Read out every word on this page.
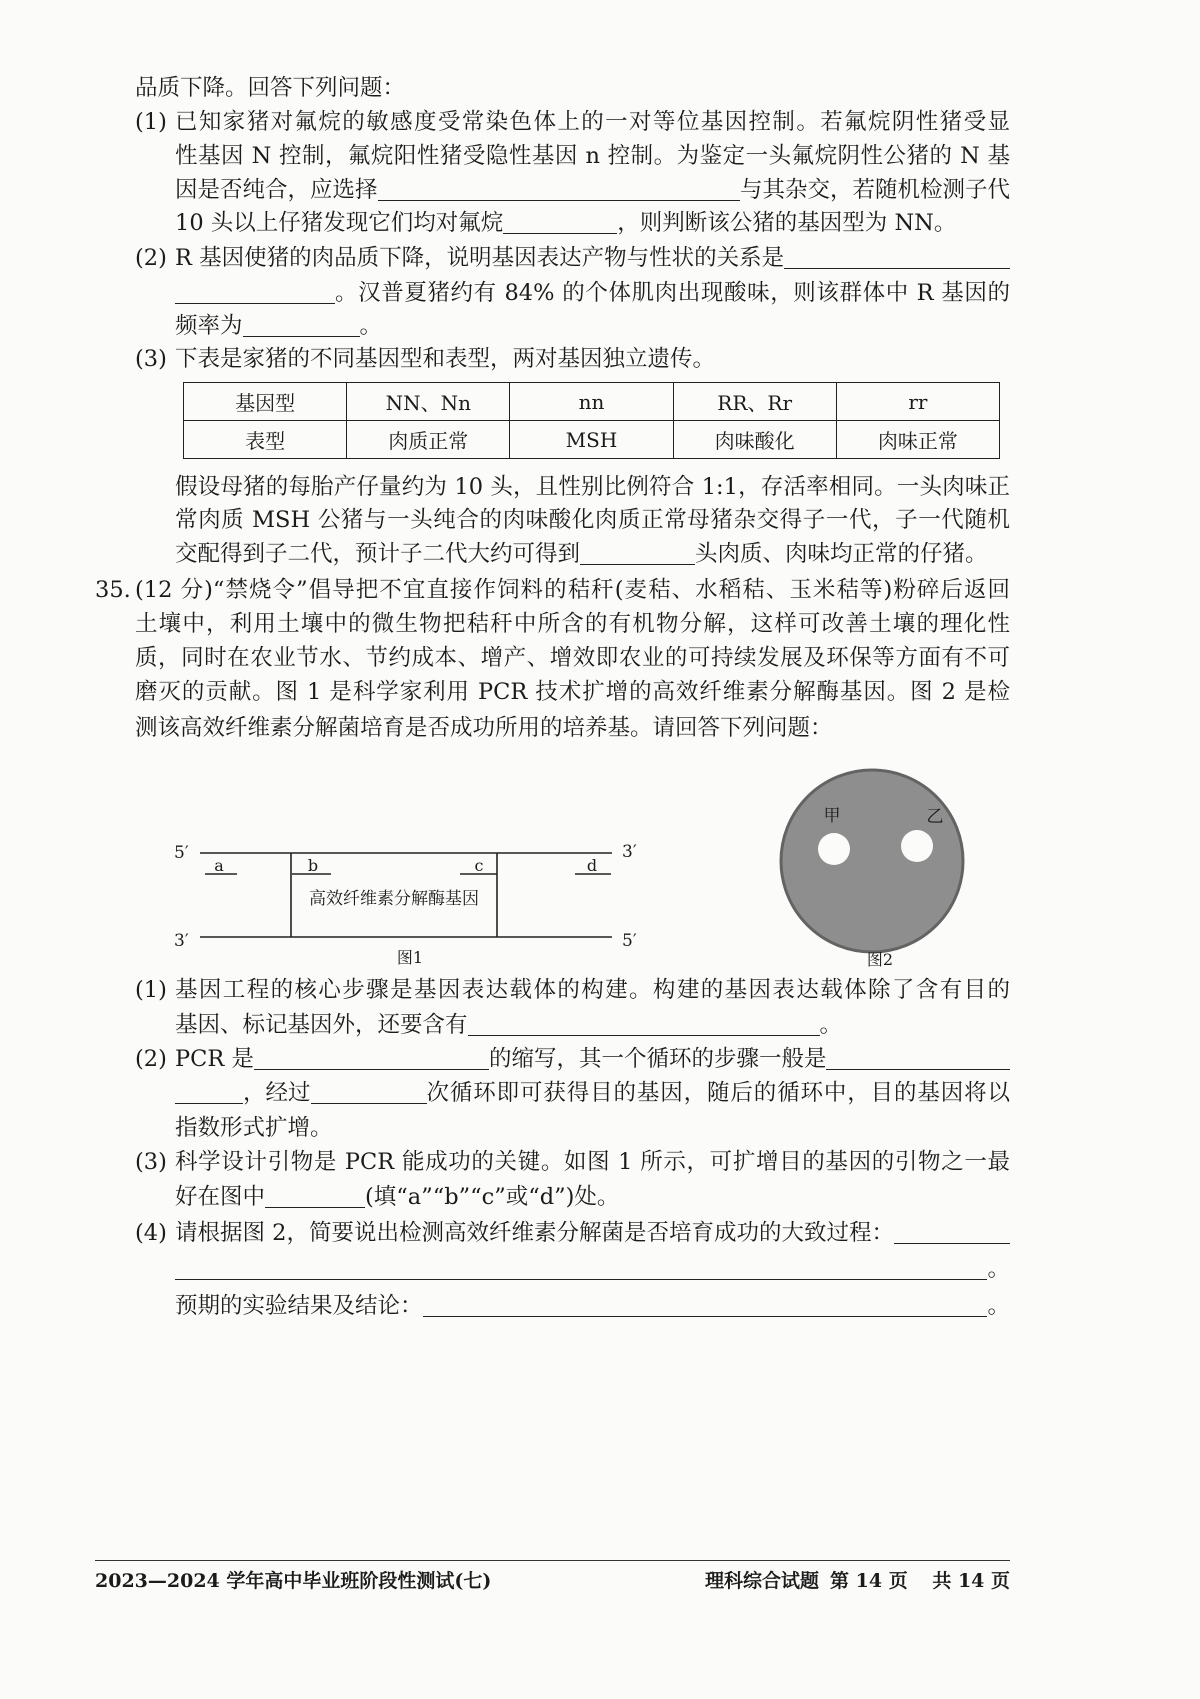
品质下降。回答下列问题：
(1) 已知家猪对氟烷的敏感度受常染色体上的一对等位基因控制。若氟烷阴性猪受显
性基因 N 控制，氟烷阳性猪受隐性基因 n 控制。为鉴定一头氟烷阴性公猪的 N 基
因是否纯合，应选择	与其杂交，若随机检测子代
10 头以上仔猪发现它们均对氟烷	，则判断该公猪的基因型为 NN。
(2) R 基因使猪的肉品质下降，说明基因表达产物与性状的关系是
。汉普夏猪约有 84% 的个体肌肉出现酸味，则该群体中 R 基因的
频率为	。
(3) 下表是家猪的不同基因型和表型，两对基因独立遗传。
基因型	NN、Nn	nn	RR、Rr	rr
表型	肉质正常	MSH	肉味酸化	肉味正常
假设母猪的每胎产仔量约为 10 头，且性别比例符合 1:1，存活率相同。一头肉味正
常肉质 MSH 公猪与一头纯合的肉味酸化肉质正常母猪杂交得子一代，子一代随机
交配得到子二代，预计子二代大约可得到	头肉质、肉味均正常的仔猪。
35. (12 分)“禁烧令”倡导把不宜直接作饲料的秸秆(麦秸、水稻秸、玉米秸等)粉碎后返回
土壤中，利用土壤中的微生物把秸秆中所含的有机物分解，这样可改善土壤的理化性
质，同时在农业节水、节约成本、增产、增效即农业的可持续发展及环保等方面有不可
磨灭的贡献。图 1 是科学家利用 PCR 技术扩增的高效纤维素分解酶基因。图 2 是检
测该高效纤维素分解菌培育是否成功所用的培养基。请回答下列问题：
5′	3′
3′	5′
a	b	c	d
高效纤维素分解酶基因
图1
甲	乙
图2
(1) 基因工程的核心步骤是基因表达载体的构建。构建的基因表达载体除了含有目的
基因、标记基因外，还要含有	。
(2) PCR 是	的缩写，其一个循环的步骤一般是
，经过	次循环即可获得目的基因，随后的循环中，目的基因将以
指数形式扩增。
(3) 科学设计引物是 PCR 能成功的关键。如图 1 所示，可扩增目的基因的引物之一最
好在图中	(填“a”“b”“c”或“d”)处。
(4) 请根据图 2，简要说出检测高效纤维素分解菌是否培育成功的大致过程：
。
预期的实验结果及结论：	。
2023—2024 学年高中毕业班阶段性测试(七)	理科综合试题 第 14 页 共 14 页
